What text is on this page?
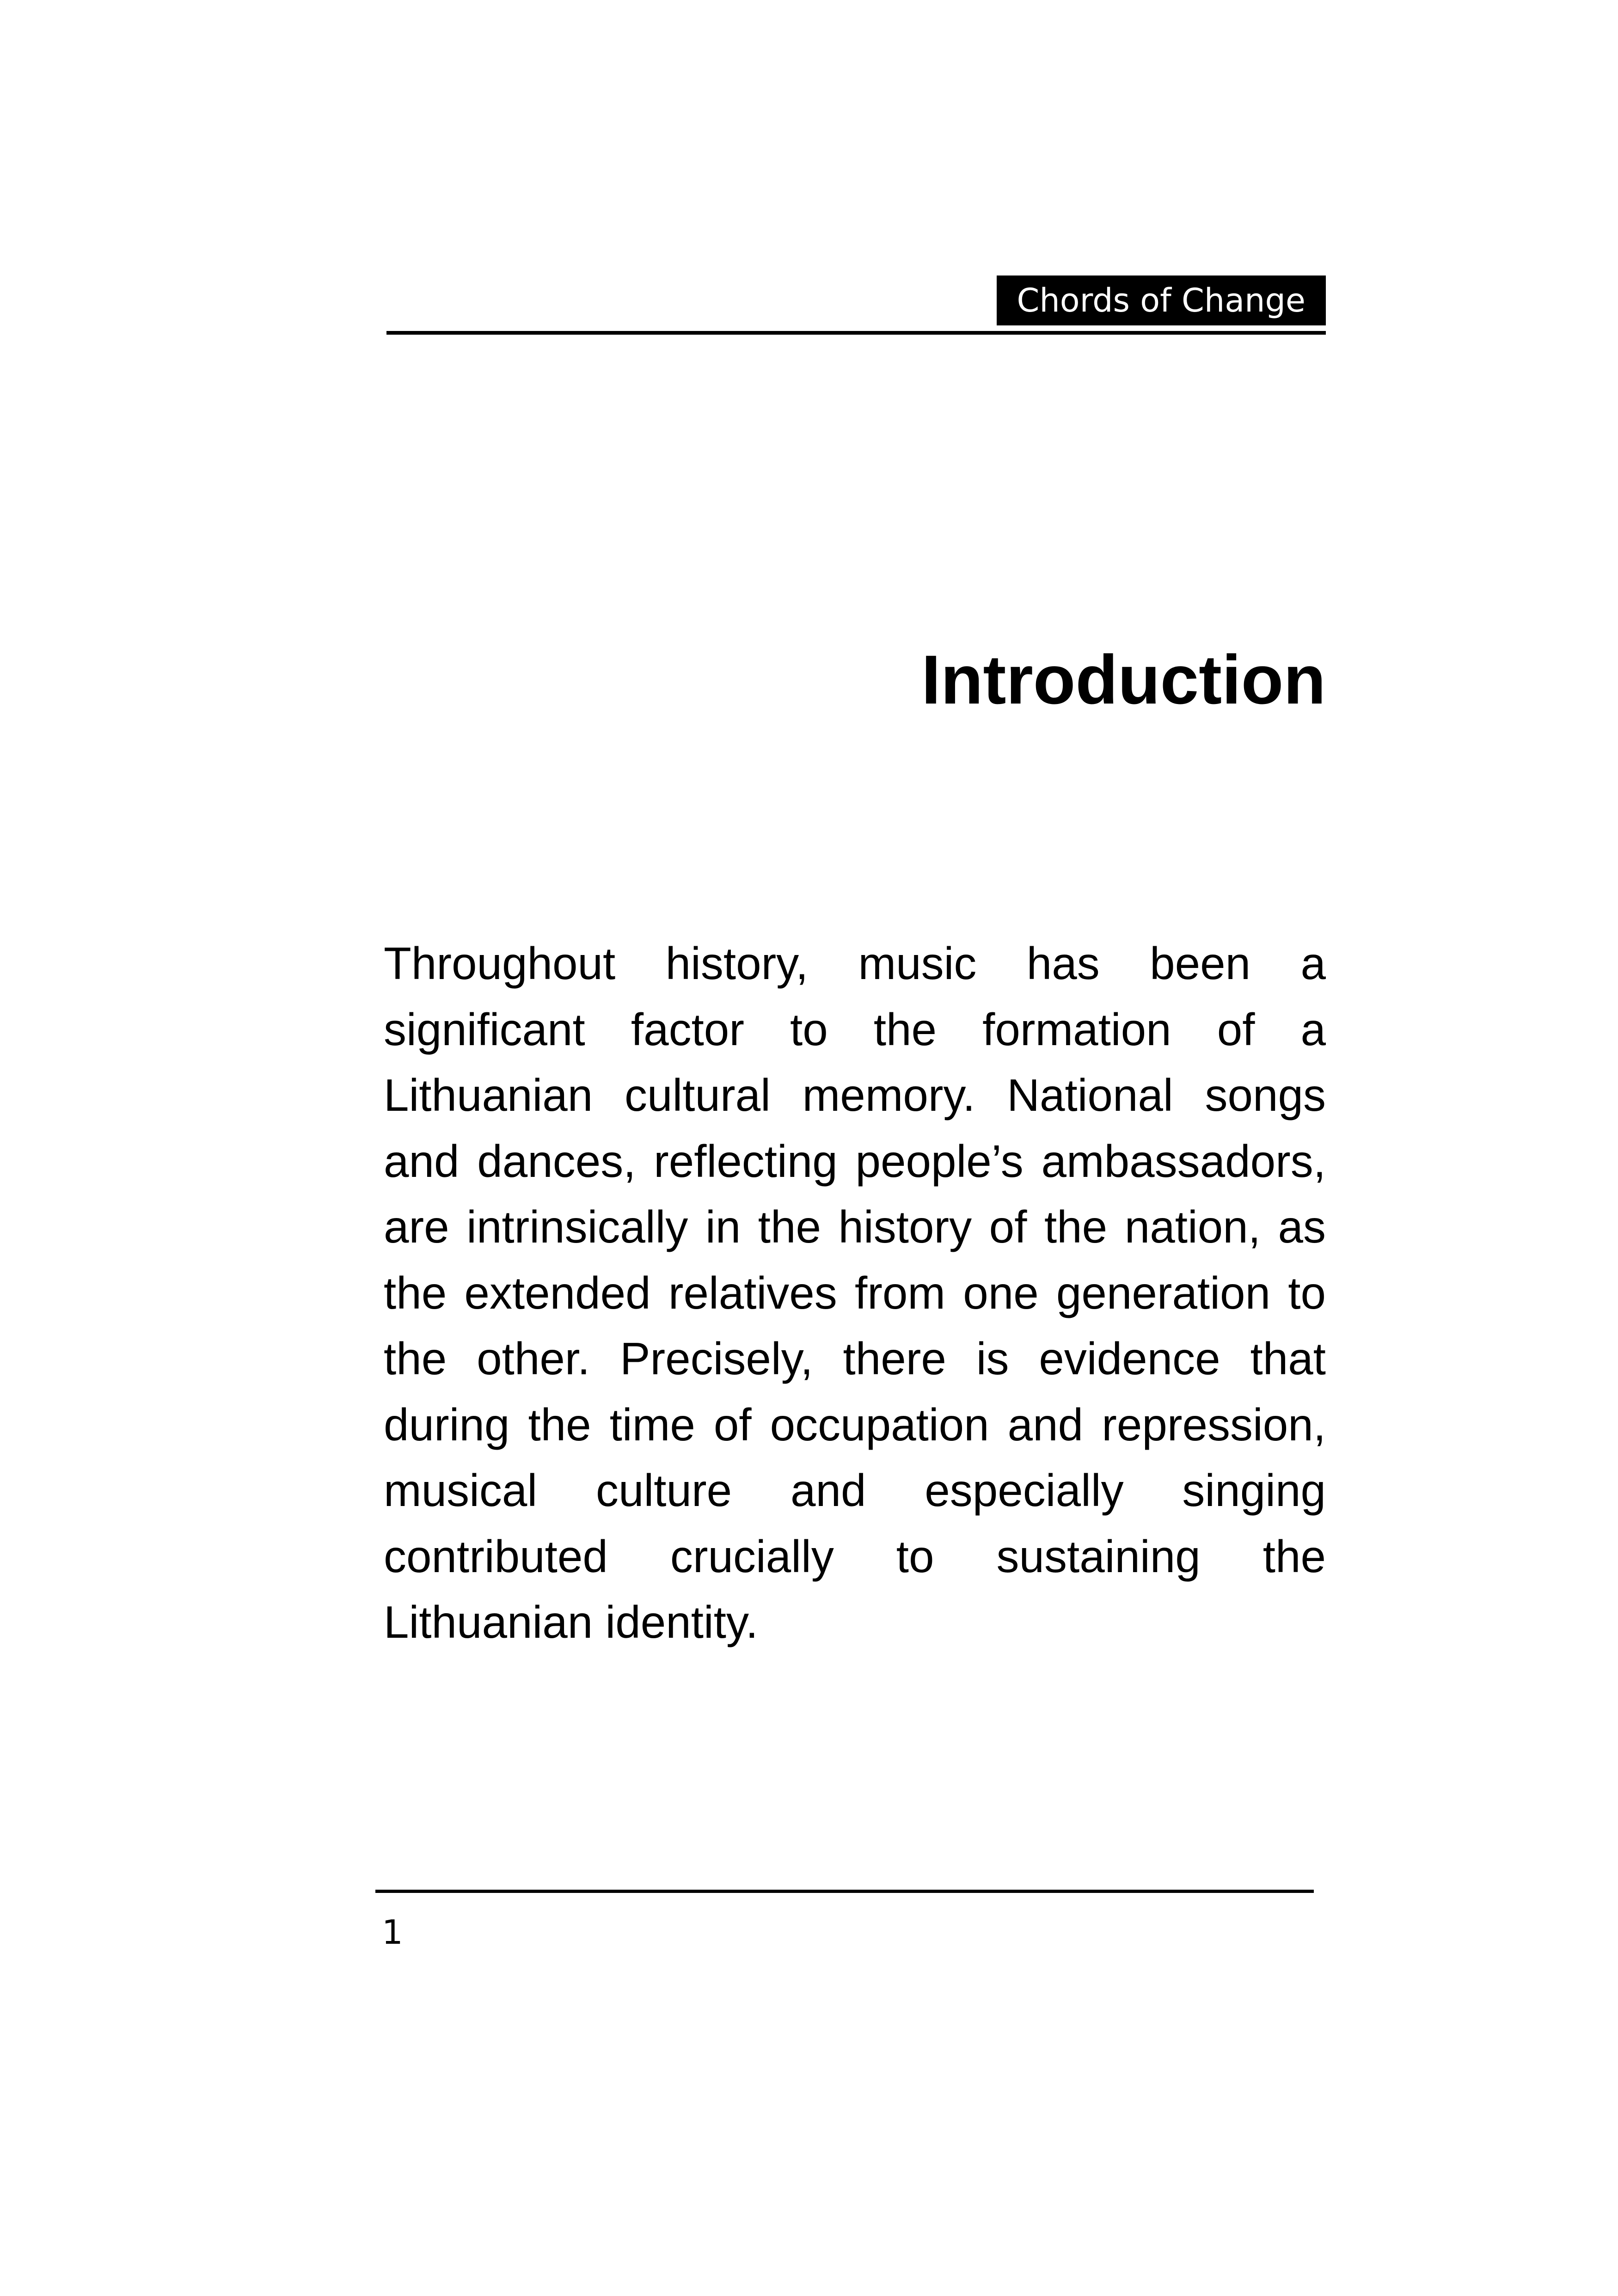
Chords of Change
Introduction

Throughout history, music has been a significant factor to the formation of a Lithuanian cultural memory. National songs and dances, reflecting people’s ambassadors, are intrinsically in the history of the nation, as the extended relatives from one generation to the other. Precisely, there is evidence that during the time of occupation and repression, musical culture and especially singing contributed crucially to sustaining the Lithuanian identity.

1
